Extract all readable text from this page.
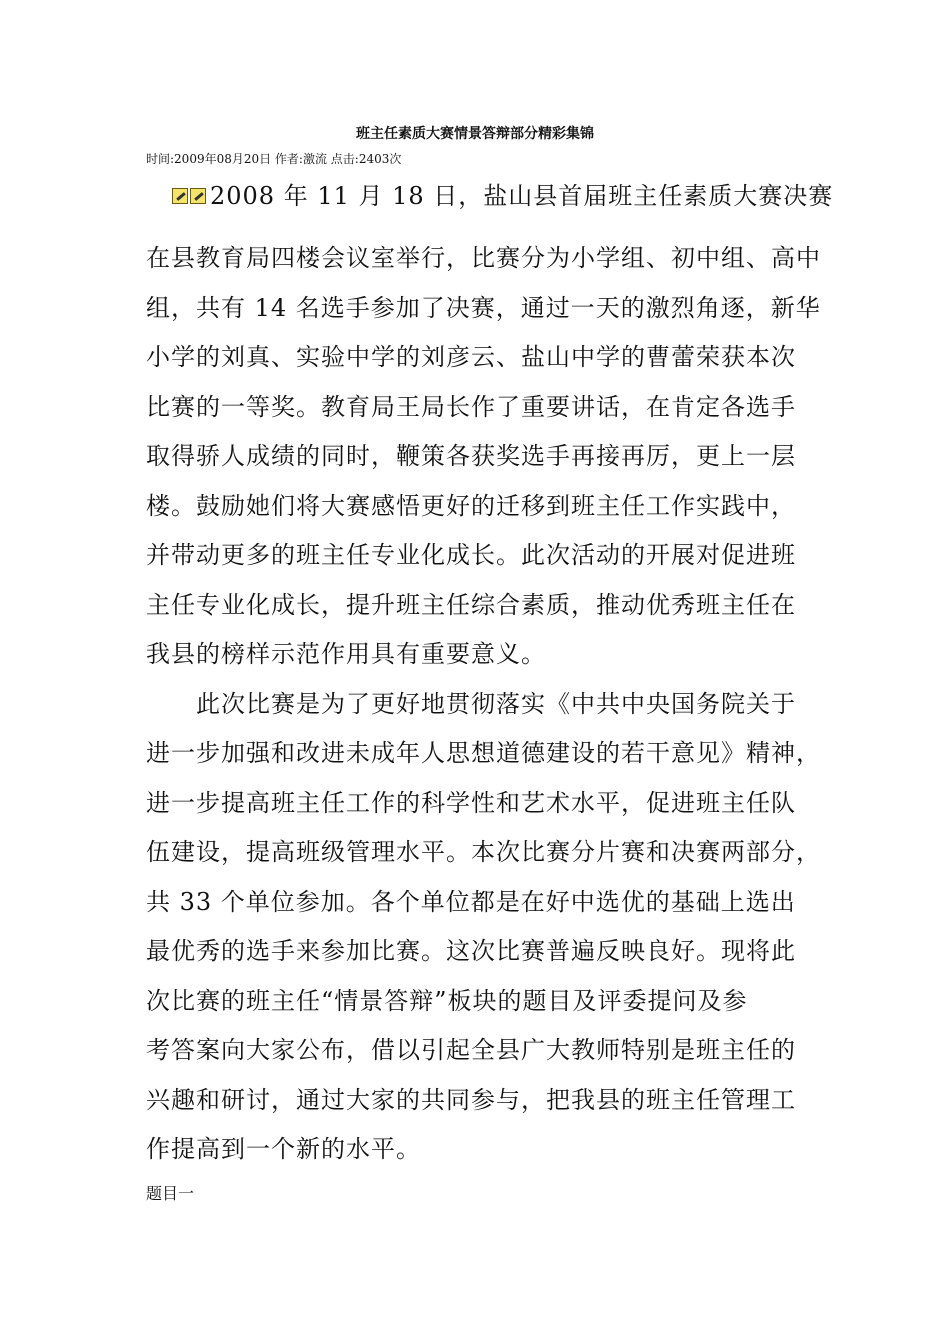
班主任素质大赛情景答辩部分精彩集锦
时间:2009年08月20日 作者:激流 点击:2403次
2008 年 11 月 18 日，盐山县首届班主任素质大赛决赛
在县教育局四楼会议室举行，比赛分为小学组、初中组、高中
组，共有 14 名选手参加了决赛，通过一天的激烈角逐，新华
小学的刘真、实验中学的刘彦云、盐山中学的曹蕾荣获本次
比赛的一等奖。教育局王局长作了重要讲话，在肯定各选手
取得骄人成绩的同时，鞭策各获奖选手再接再厉，更上一层
楼。鼓励她们将大赛感悟更好的迁移到班主任工作实践中，
并带动更多的班主任专业化成长。此次活动的开展对促进班
主任专业化成长，提升班主任综合素质，推动优秀班主任在
我县的榜样示范作用具有重要意义。
　　此次比赛是为了更好地贯彻落实《中共中央国务院关于
进一步加强和改进未成年人思想道德建设的若干意见》精神，
进一步提高班主任工作的科学性和艺术水平，促进班主任队
伍建设，提高班级管理水平。本次比赛分片赛和决赛两部分，
共 33 个单位参加。各个单位都是在好中选优的基础上选出
最优秀的选手来参加比赛。这次比赛普遍反映良好。现将此
次比赛的班主任“情景答辩”板块的题目及评委提问及参
考答案向大家公布，借以引起全县广大教师特别是班主任的
兴趣和研讨，通过大家的共同参与，把我县的班主任管理工
作提高到一个新的水平。
题目一
